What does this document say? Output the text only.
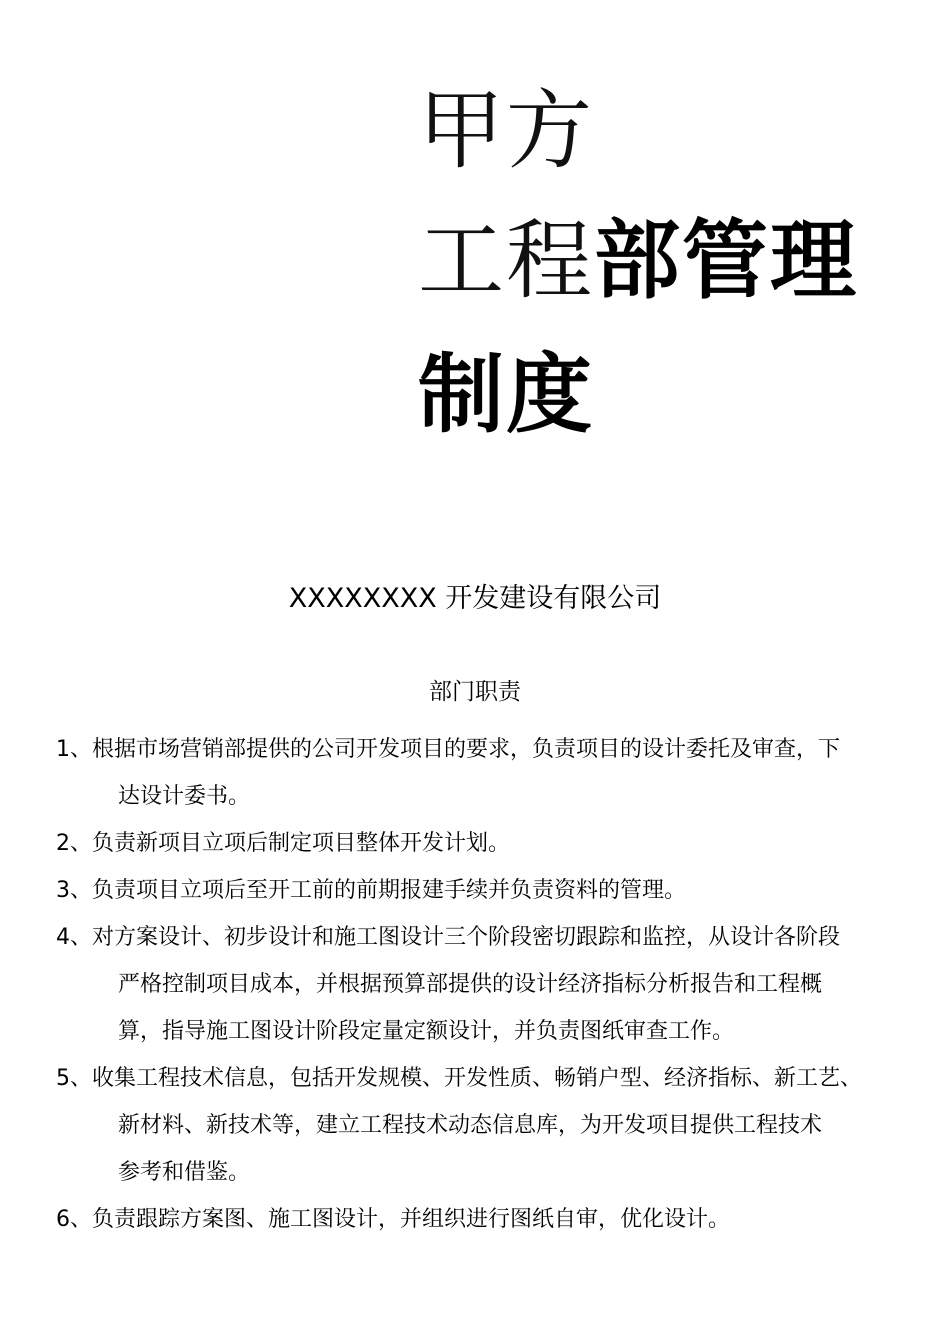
甲方
工程部管理
制度
XXXXXXXX 开发建设有限公司
部门职责
1、根据市场营销部提供的公司开发项目的要求，负责项目的设计委托及审查，下
达设计委书。
2、负责新项目立项后制定项目整体开发计划。
3、负责项目立项后至开工前的前期报建手续并负责资料的管理。
4、对方案设计、初步设计和施工图设计三个阶段密切跟踪和监控，从设计各阶段
严格控制项目成本，并根据预算部提供的设计经济指标分析报告和工程概
算，指导施工图设计阶段定量定额设计，并负责图纸审查工作。
5、收集工程技术信息，包括开发规模、开发性质、畅销户型、经济指标、新工艺、
新材料、新技术等，建立工程技术动态信息库，为开发项目提供工程技术
参考和借鉴。
6、负责跟踪方案图、施工图设计，并组织进行图纸自审，优化设计。
